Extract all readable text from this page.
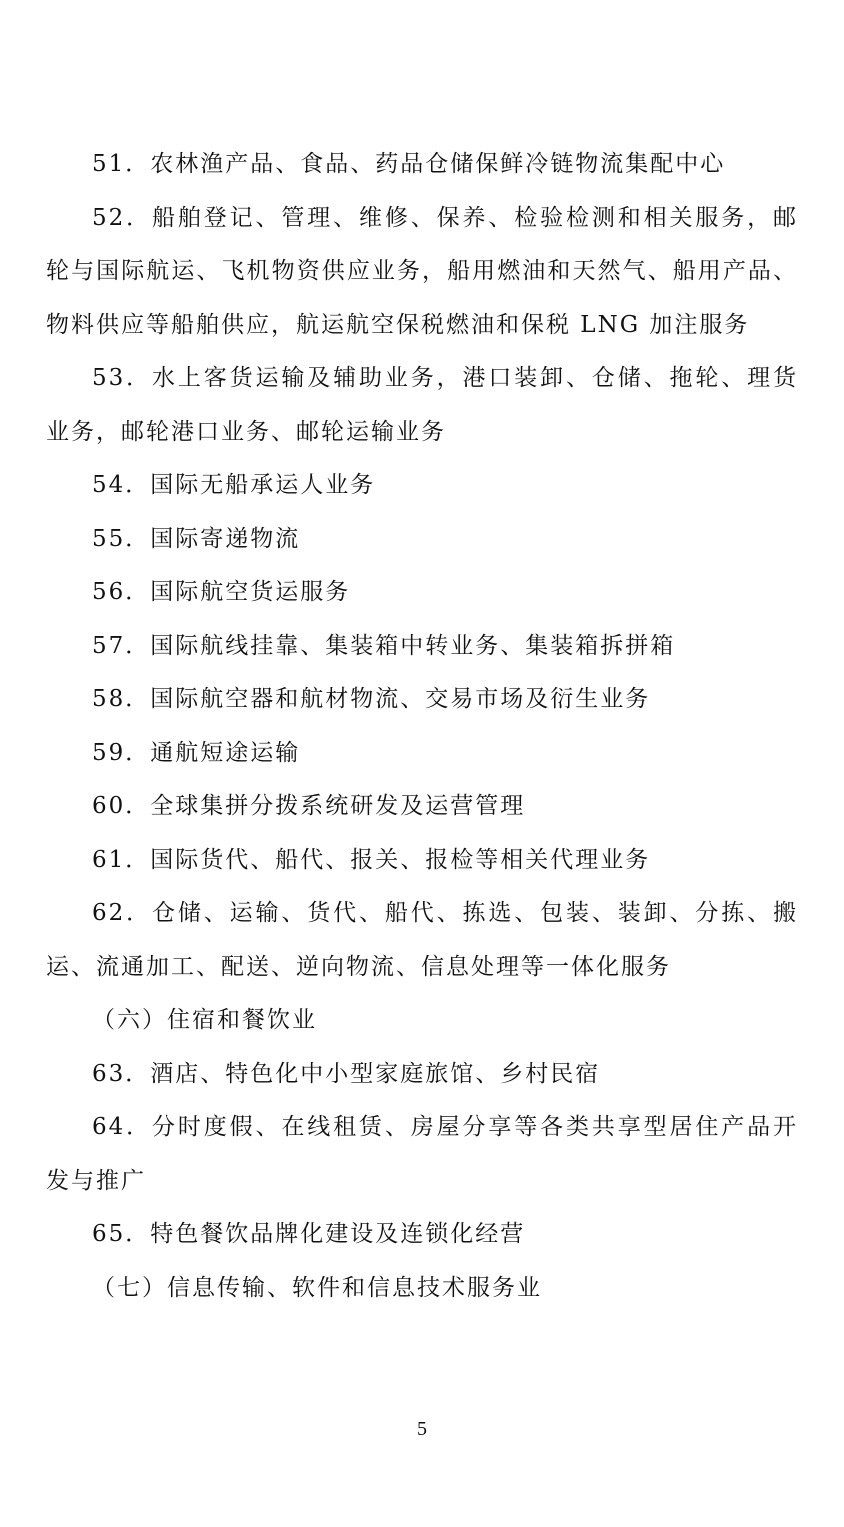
51．农林渔产品、食品、药品仓储保鲜冷链物流集配中心

52．船舶登记、管理、维修、保养、检验检测和相关服务，邮轮与国际航运、飞机物资供应业务，船用燃油和天然气、船用产品、物料供应等船舶供应，航运航空保税燃油和保税 LNG 加注服务

53．水上客货运输及辅助业务，港口装卸、仓储、拖轮、理货业务，邮轮港口业务、邮轮运输业务

54．国际无船承运人业务

55．国际寄递物流

56．国际航空货运服务

57．国际航线挂靠、集装箱中转业务、集装箱拆拼箱

58．国际航空器和航材物流、交易市场及衍生业务

59．通航短途运输

60．全球集拼分拨系统研发及运营管理

61．国际货代、船代、报关、报检等相关代理业务

62．仓储、运输、货代、船代、拣选、包装、装卸、分拣、搬运、流通加工、配送、逆向物流、信息处理等一体化服务

（六）住宿和餐饮业

63．酒店、特色化中小型家庭旅馆、乡村民宿

64．分时度假、在线租赁、房屋分享等各类共享型居住产品开发与推广

65．特色餐饮品牌化建设及连锁化经营

（七）信息传输、软件和信息技术服务业

5
